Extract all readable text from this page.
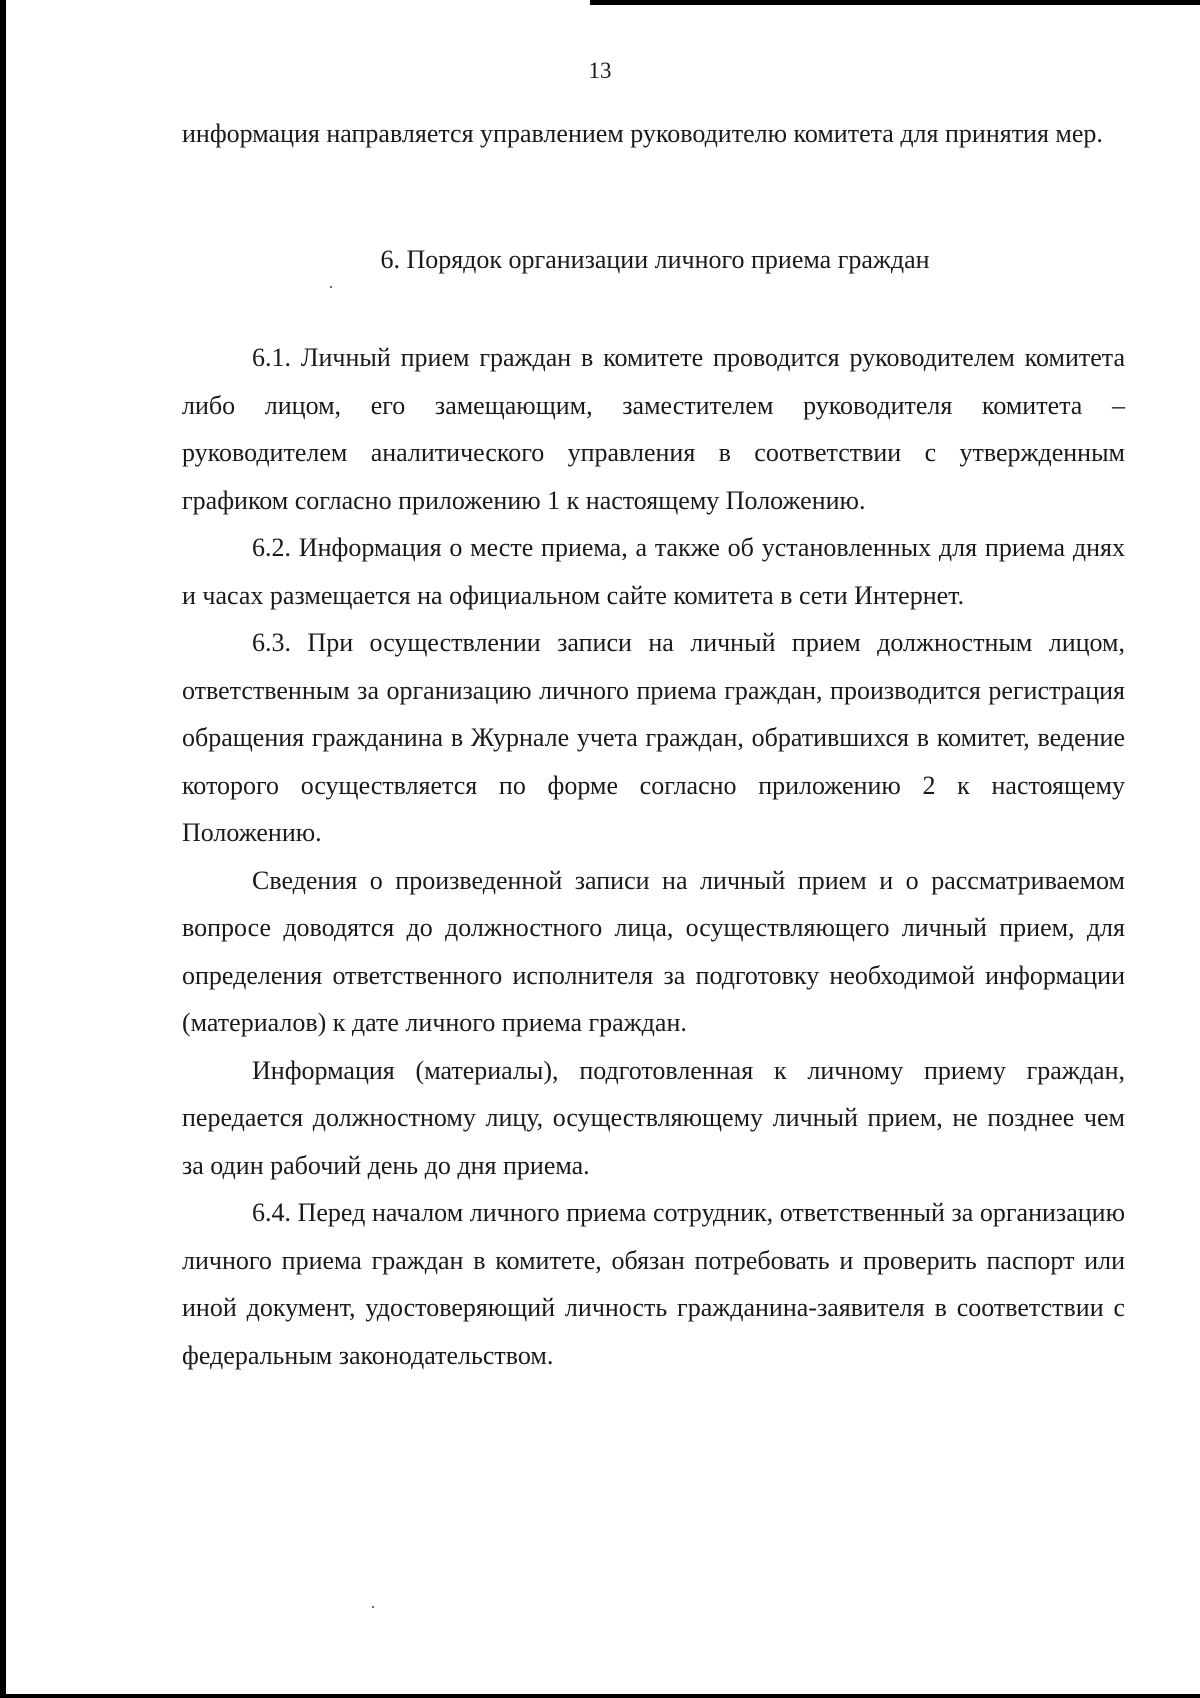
13

информация направляется управлением руководителю комитета для принятия мер.

6. Порядок организации личного приема граждан

6.1. Личный прием граждан в комитете проводится руководителем комитета либо лицом, его замещающим, заместителем руководителя комитета – руководителем аналитического управления в соответствии с утвержденным графиком согласно приложению 1 к настоящему Положению.

6.2. Информация о месте приема, а также об установленных для приема днях и часах размещается на официальном сайте комитета в сети Интернет.

6.3. При осуществлении записи на личный прием должностным лицом, ответственным за организацию личного приема граждан, производится регистрация обращения гражданина в Журнале учета граждан, обратившихся в комитет, ведение которого осуществляется по форме согласно приложению 2 к настоящему Положению.

Сведения о произведенной записи на личный прием и о рассматриваемом вопросе доводятся до должностного лица, осуществляющего личный прием, для определения ответственного исполнителя за подготовку необходимой информации (материалов) к дате личного приема граждан.

Информация (материалы), подготовленная к личному приему граждан, передается должностному лицу, осуществляющему личный прием, не позднее чем за один рабочий день до дня приема.

6.4. Перед началом личного приема сотрудник, ответственный за организацию личного приема граждан в комитете, обязан потребовать и проверить паспорт или иной документ, удостоверяющий личность гражданина-заявителя в соответствии с федеральным законодательством.
